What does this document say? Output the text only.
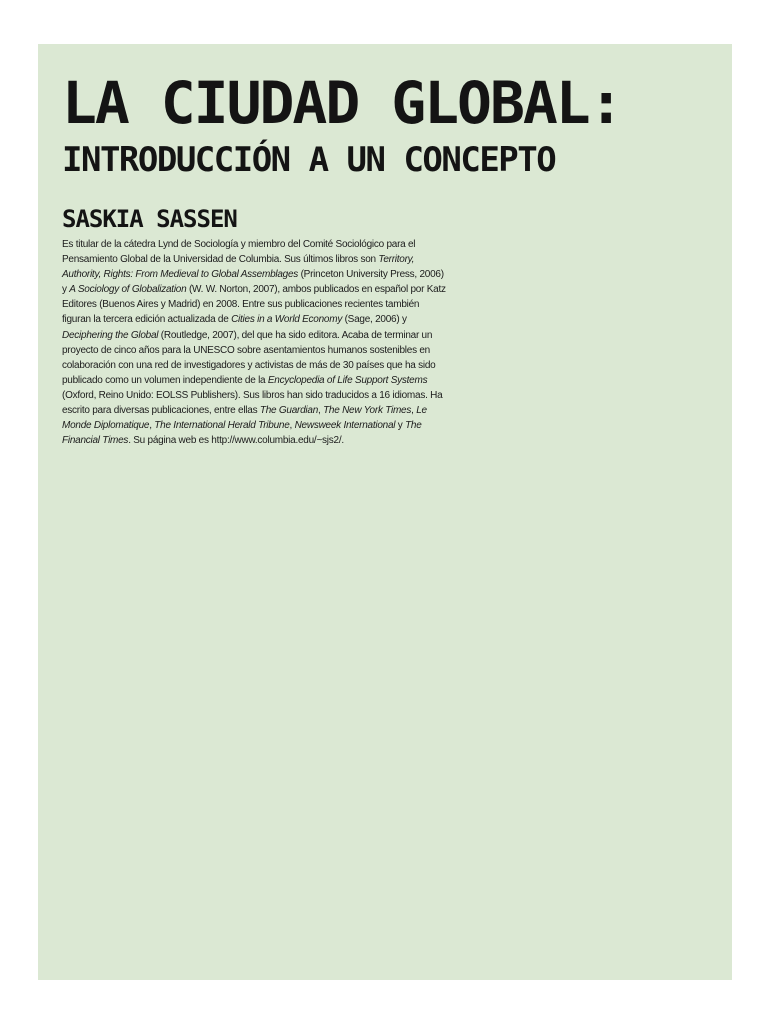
LA CIUDAD GLOBAL:
INTRODUCCIÓN A UN CONCEPTO
SASKIA SASSEN

Es titular de la cátedra Lynd de Sociología y miembro del Comité Sociológico para el Pensamiento Global de la Universidad de Columbia. Sus últimos libros son Territory, Authority, Rights: From Medieval to Global Assemblages (Princeton University Press, 2006) y A Sociology of Globalization (W. W. Norton, 2007), ambos publicados en español por Katz Editores (Buenos Aires y Madrid) en 2008. Entre sus publicaciones recientes también figuran la tercera edición actualizada de Cities in a World Economy (Sage, 2006) y Deciphering the Global (Routledge, 2007), del que ha sido editora. Acaba de terminar un proyecto de cinco años para la UNESCO sobre asentamientos humanos sostenibles en colaboración con una red de investigadores y activistas de más de 30 países que ha sido publicado como un volumen independiente de la Encyclopedia of Life Support Systems (Oxford, Reino Unido: EOLSS Publishers). Sus libros han sido traducidos a 16 idiomas. Ha escrito para diversas publicaciones, entre ellas The Guardian, The New York Times, Le Monde Diplomatique, The International Herald Tribune, Newsweek International y The Financial Times. Su página web es http://www.columbia.edu/~sjs2/.
